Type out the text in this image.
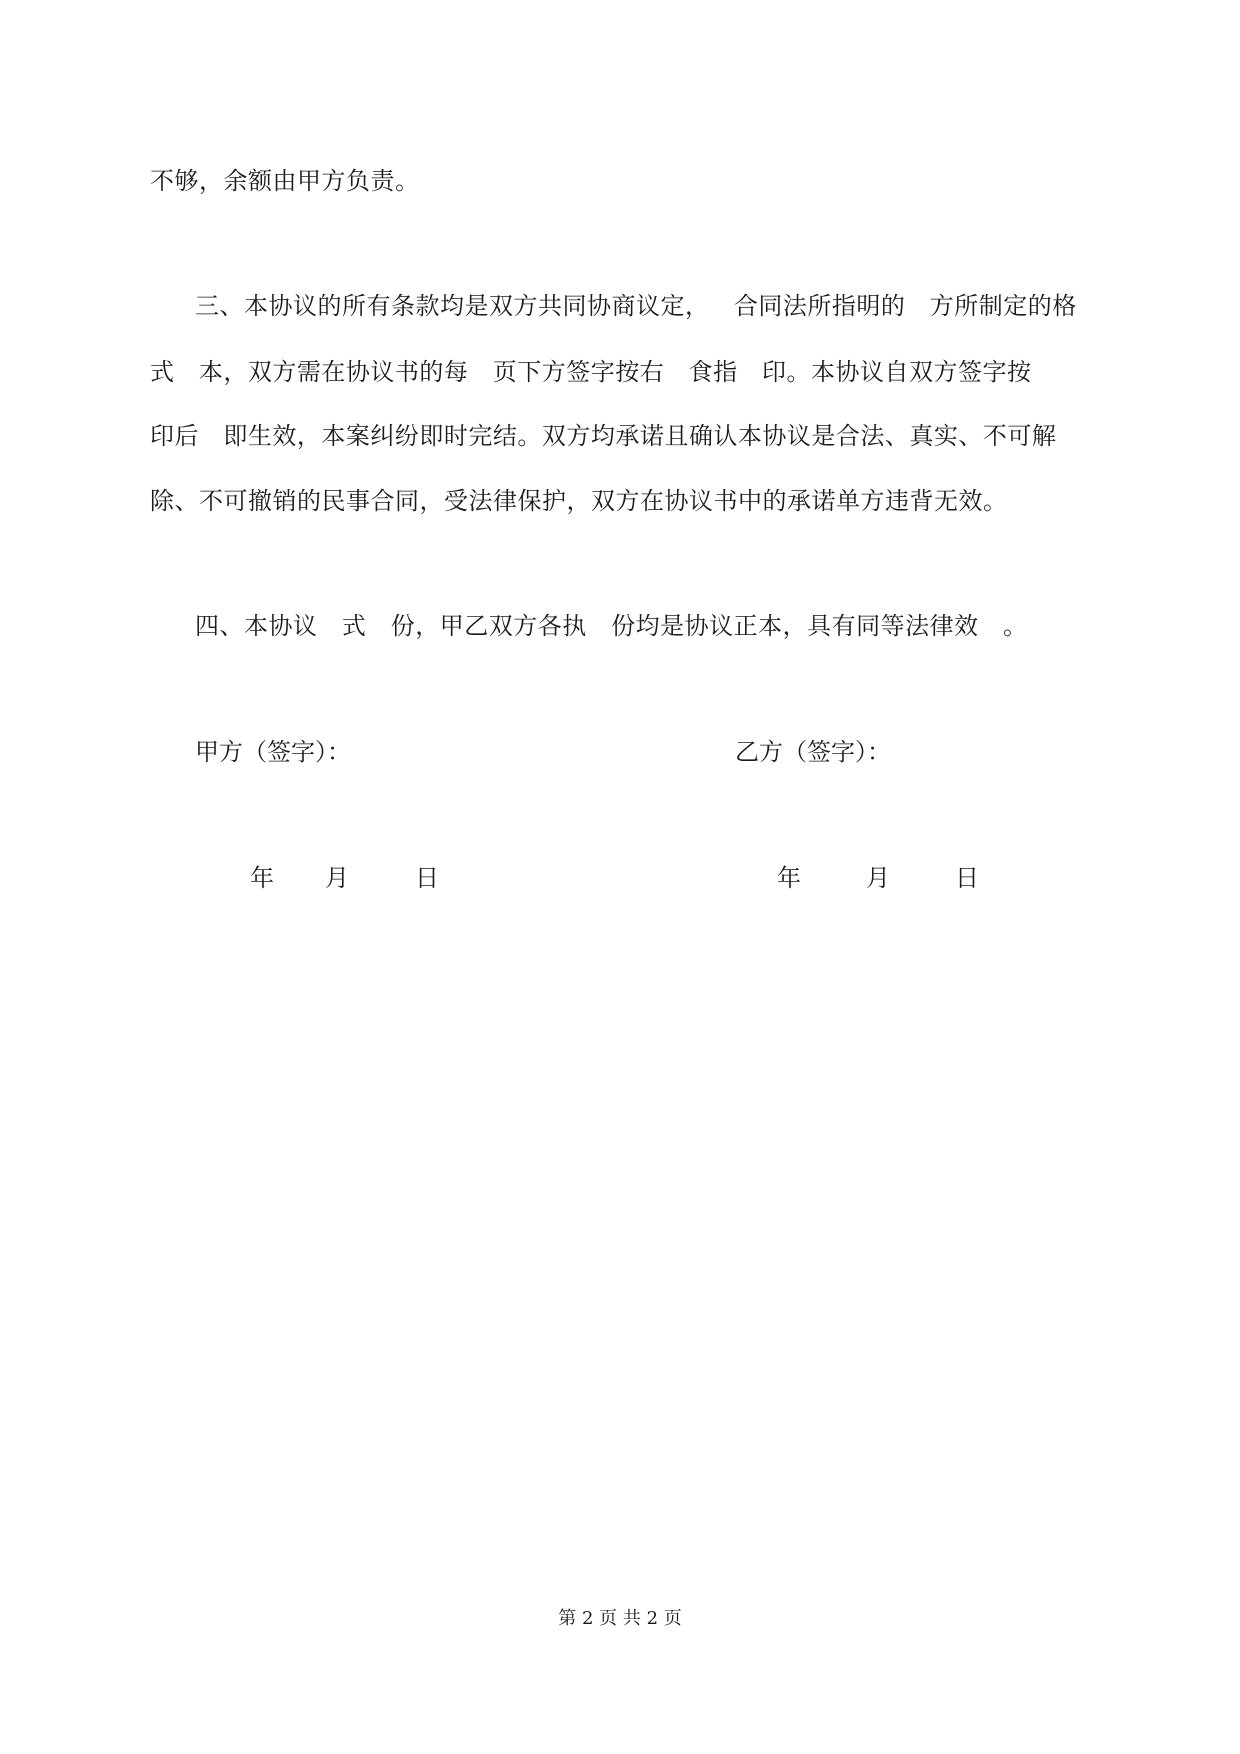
不够，余额由甲方负责。
三、本协议的所有条款均是双方共同协商议定，   合同法所指明的   方所制定的格
式   本，双方需在协议书的每   页下方签字按右   食指   印。本协议自双方签字按
印后   即生效，本案纠纷即时完结。双方均承诺且确认本协议是合法、真实、不可解
除、不可撤销的民事合同，受法律保护，双方在协议书中的承诺单方违背无效。
四、本协议   式   份，甲乙双方各执   份均是协议正本，具有同等法律效   。
甲方（签字）：	乙方（签字）：
年 月	日	年	月	日
第 2 页 共 2 页
